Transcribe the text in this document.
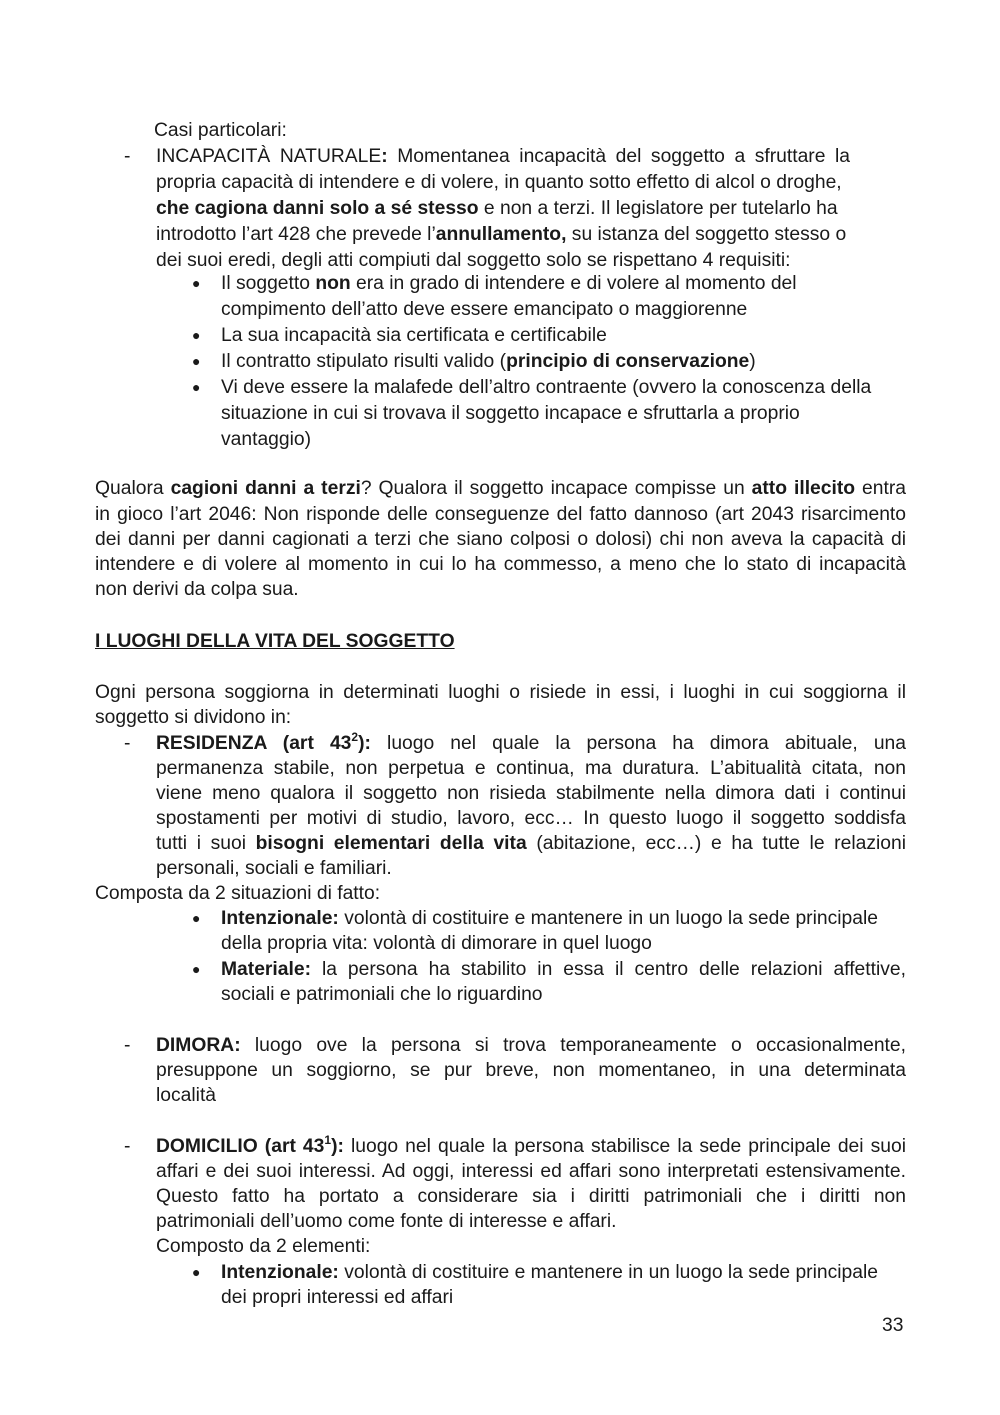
Casi particolari:
- INCAPACITÀ NATURALE: Momentanea incapacità del soggetto a sfruttare la
propria capacità di intendere e di volere, in quanto sotto effetto di alcol o droghe,
che cagiona danni solo a sé stesso e non a terzi. Il legislatore per tutelarlo ha
introdotto l’art 428 che prevede l’annullamento, su istanza del soggetto stesso o
dei suoi eredi, degli atti compiuti dal soggetto solo se rispettano 4 requisiti:
● Il soggetto non era in grado di intendere e di volere al momento del
compimento dell’atto deve essere emancipato o maggiorenne
● La sua incapacità sia certificata e certificabile
● Il contratto stipulato risulti valido (principio di conservazione)
● Vi deve essere la malafede dell’altro contraente (ovvero la conoscenza della
situazione in cui si trovava il soggetto incapace e sfruttarla a proprio
vantaggio)
Qualora cagioni danni a terzi? Qualora il soggetto incapace compisse un atto illecito entra
in gioco l’art 2046: Non risponde delle conseguenze del fatto dannoso (art 2043 risarcimento
dei danni per danni cagionati a terzi che siano colposi o dolosi) chi non aveva la capacità di
intendere e di volere al momento in cui lo ha commesso, a meno che lo stato di incapacità
non derivi da colpa sua.
I LUOGHI DELLA VITA DEL SOGGETTO
Ogni persona soggiorna in determinati luoghi o risiede in essi, i luoghi in cui soggiorna il
soggetto si dividono in:
- RESIDENZA (art $43^2$): luogo nel quale la persona ha dimora abituale, una
permanenza stabile, non perpetua e continua, ma duratura. L’abitualità citata, non
viene meno qualora il soggetto non risieda stabilmente nella dimora dati i continui
spostamenti per motivi di studio, lavoro, ecc… In questo luogo il soggetto soddisfa
tutti i suoi bisogni elementari della vita (abitazione, ecc…) e ha tutte le relazioni
personali, sociali e familiari.
Composta da 2 situazioni di fatto:
● Intenzionale: volontà di costituire e mantenere in un luogo la sede principale
della propria vita: volontà di dimorare in quel luogo
● Materiale: la persona ha stabilito in essa il centro delle relazioni affettive,
sociali e patrimoniali che lo riguardino
- DIMORA: luogo ove la persona si trova temporaneamente o occasionalmente,
presuppone un soggiorno, se pur breve, non momentaneo, in una determinata
località
- DOMICILIO (art $43^1$): luogo nel quale la persona stabilisce la sede principale dei suoi
affari e dei suoi interessi. Ad oggi, interessi ed affari sono interpretati estensivamente.
Questo fatto ha portato a considerare sia i diritti patrimoniali che i diritti non
patrimoniali dell’uomo come fonte di interesse e affari.
Composto da 2 elementi:
● Intenzionale: volontà di costituire e mantenere in un luogo la sede principale
dei propri interessi ed affari
33
